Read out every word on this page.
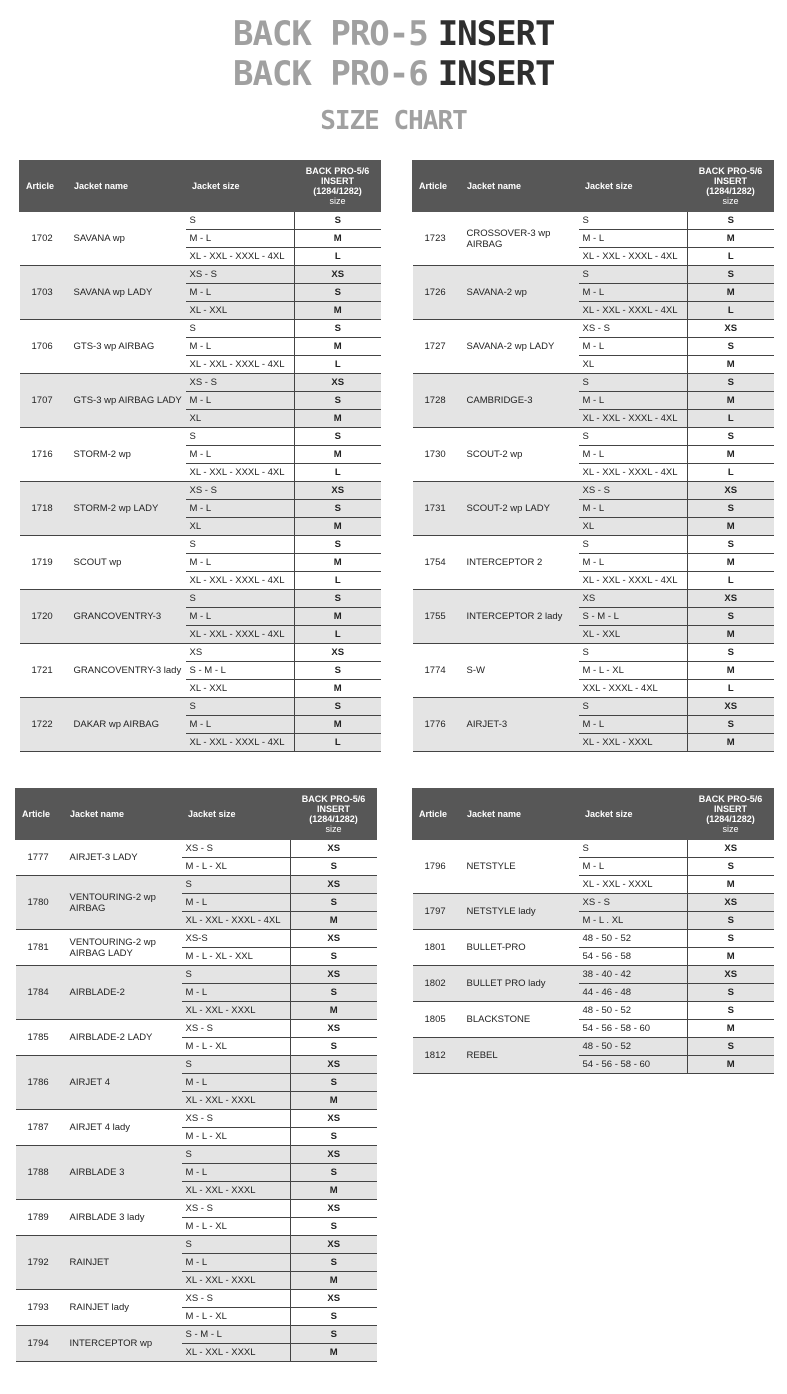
BACK PRO-5 INSERT
BACK PRO-6 INSERT
SIZE CHART
Article	Jacket name	Jacket size	BACK PRO-5/6
INSERT
(1284/1282)
size

1702	SAVANA wp	S	S
		M - L	M
		XL - XXL - XXXL - 4XL	L
1703	SAVANA wp LADY	XS - S	XS
		M - L	S
		XL - XXL	M
1706	GTS-3 wp AIRBAG	S	S
		M - L	M
		XL - XXL - XXXL - 4XL	L
1707	GTS-3 wp AIRBAG LADY	XS - S	XS
		M - L	S
		XL	M
1716	STORM-2 wp	S	S
		M - L	M
		XL - XXL - XXXL - 4XL	L
1718	STORM-2 wp LADY	XS - S	XS
		M - L	S
		XL	M
1719	SCOUT wp	S	S
		M - L	M
		XL - XXL - XXXL - 4XL	L
1720	GRANCOVENTRY-3	S	S
		M - L	M
		XL - XXL - XXXL - 4XL	L
1721	GRANCOVENTRY-3 lady	XS	XS
		S - M - L	S
		XL - XXL	M
1722	DAKAR wp AIRBAG	S	S
		M - L	M
		XL - XXL - XXXL - 4XL	L
Article	Jacket name	Jacket size	BACK PRO-5/6
INSERT
(1284/1282)
size

1723	CROSSOVER-3 wp AIRBAG	S	S
		M - L	M
		XL - XXL - XXXL - 4XL	L
1726	SAVANA-2 wp	S	S
		M - L	M
		XL - XXL - XXXL - 4XL	L
1727	SAVANA-2 wp LADY	XS - S	XS
		M - L	S
		XL	M
1728	CAMBRIDGE-3	S	S
		M - L	M
		XL - XXL - XXXL - 4XL	L
1730	SCOUT-2 wp	S	S
		M - L	M
		XL - XXL - XXXL - 4XL	L
1731	SCOUT-2 wp LADY	XS - S	XS
		M - L	S
		XL	M
1754	INTERCEPTOR 2	S	S
		M - L	M
		XL - XXL - XXXL - 4XL	L
1755	INTERCEPTOR 2 lady	XS	XS
		S - M - L	S
		XL - XXL	M
1774	S-W	S	S
		M - L - XL	M
		XXL - XXXL - 4XL	L
1776	AIRJET-3	S	XS
		M - L	S
		XL - XXL - XXXL	M
Article	Jacket name	Jacket size	BACK PRO-5/6
INSERT
(1284/1282)
size

1777	AIRJET-3 LADY	XS - S	XS
		M - L - XL	S
1780	VENTOURING-2 wp AIRBAG	S	XS
		M - L	S
		XL - XXL - XXXL - 4XL	M
1781	VENTOURING-2 wp AIRBAG LADY	XS-S	XS
		M - L - XL - XXL	S
1784	AIRBLADE-2	S	XS
		M - L	S
		XL - XXL - XXXL	M
1785	AIRBLADE-2 LADY	XS - S	XS
		M - L - XL	S
1786	AIRJET 4	S	XS
		M - L	S
		XL - XXL - XXXL	M
1787	AIRJET 4 lady	XS - S	XS
		M - L - XL	S
1788	AIRBLADE 3	S	XS
		M - L	S
		XL - XXL - XXXL	M
1789	AIRBLADE 3 lady	XS - S	XS
		M - L - XL	S
1792	RAINJET	S	XS
		M - L	S
		XL - XXL - XXXL	M
1793	RAINJET lady	XS - S	XS
		M - L - XL	S
1794	INTERCEPTOR wp	S - M - L	S
		XL - XXL - XXXL	M
Article	Jacket name	Jacket size	BACK PRO-5/6
INSERT
(1284/1282)
size

1796	NETSTYLE	S	XS
		M - L	S
		XL - XXL - XXXL	M
1797	NETSTYLE lady	XS - S	XS
		M - L . XL	S
1801	BULLET-PRO	48 - 50 - 52	S
		54 - 56 - 58	M
1802	BULLET PRO lady	38 - 40 - 42	XS
		44 - 46 - 48	S
1805	BLACKSTONE	48 - 50 - 52	S
		54 - 56 - 58 - 60	M
1812	REBEL	48 - 50 - 52	S
		54 - 56 - 58 - 60	M
